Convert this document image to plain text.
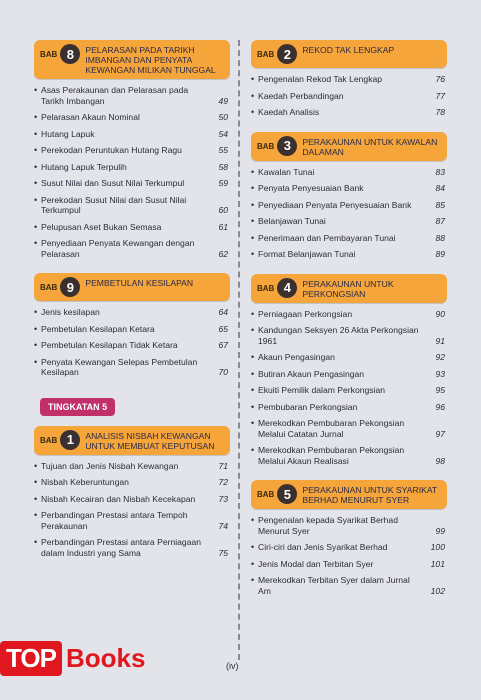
BAB 8	PELARASAN PADA TARIKH IMBANGAN DAN PENYATA KEWANGAN MILIKAN TUNGGAL
• Asas Perakaunan dan Pelarasan pada Tarikh Imbangan	49
• Pelarasan Akaun Nominal	50
• Hutang Lapuk	54
• Perekodan Peruntukan Hutang Ragu	55
• Hutang Lapuk Terpulih	58
• Susut Nilai dan Susut Nilai Terkumpul	59
• Perekodan Susut Nilai dan Susut Nilai Terkumpul	60
• Pelupusan Aset Bukan Semasa	61
• Penyediaan Penyata Kewangan dengan Pelarasan	62
BAB 9	PEMBETULAN KESILAPAN
• Jenis kesilapan	64
• Pembetulan Kesilapan Ketara	65
• Pembetulan Kesilapan Tidak Ketara	67
• Penyata Kewangan Selepas Pembetulan Kesilapan	70
TINGKATAN 5
BAB 1	ANALISIS NISBAH KEWANGAN UNTUK MEMBUAT KEPUTUSAN
• Tujuan dan Jenis Nisbah Kewangan	71
• Nisbah Keberuntungan	72
• Nisbah Kecairan dan Nisbah Kecekapan	73
• Perbandingan Prestasi antara Tempoh Perakaunan	74
• Perbandingan Prestasi antara Perniagaan dalam Industri yang Sama	75
BAB 2	REKOD TAK LENGKAP
• Pengenalan Rekod Tak Lengkap	76
• Kaedah Perbandingan	77
• Kaedah Analisis	78
BAB 3	PERAKAUNAN UNTUK KAWALAN DALAMAN
• Kawalan Tunai	83
• Penyata Penyesuaian Bank	84
• Penyediaan Penyata Penyesuaian Bank	85
• Belanjawan Tunai	87
• Penerimaan dan Pembayaran Tunai	88
• Format Belanjawan Tunai	89
BAB 4	PERAKAUNAN UNTUK PERKONGSIAN
• Perniagaan Perkongsian	90
• Kandungan Seksyen 26 Akta Perkongsian 1961	91
• Akaun Pengasingan	92
• Butiran Akaun Pengasingan	93
• Ekuiti Pemilik dalam Perkongsian	95
• Pembubaran Perkongsian	96
• Merekodkan Pembubaran Pekongsian Melalui Catatan Jurnal	97
• Merekodkan Pembubaran Pekongsian Melalui Akaun Realisasi	98
BAB 5	PERAKAUNAN UNTUK SYARIKAT BERHAD MENURUT SYER
• Pengenalan kepada Syarikat Berhad Menurut Syer	99
• Ciri-ciri dan Jenis Syarikat Berhad	100
• Jenis Modal dan Terbitan Syer	101
• Merekodkan Terbitan Syer dalam Jurnal Am	102
(iv)
TOP Books
